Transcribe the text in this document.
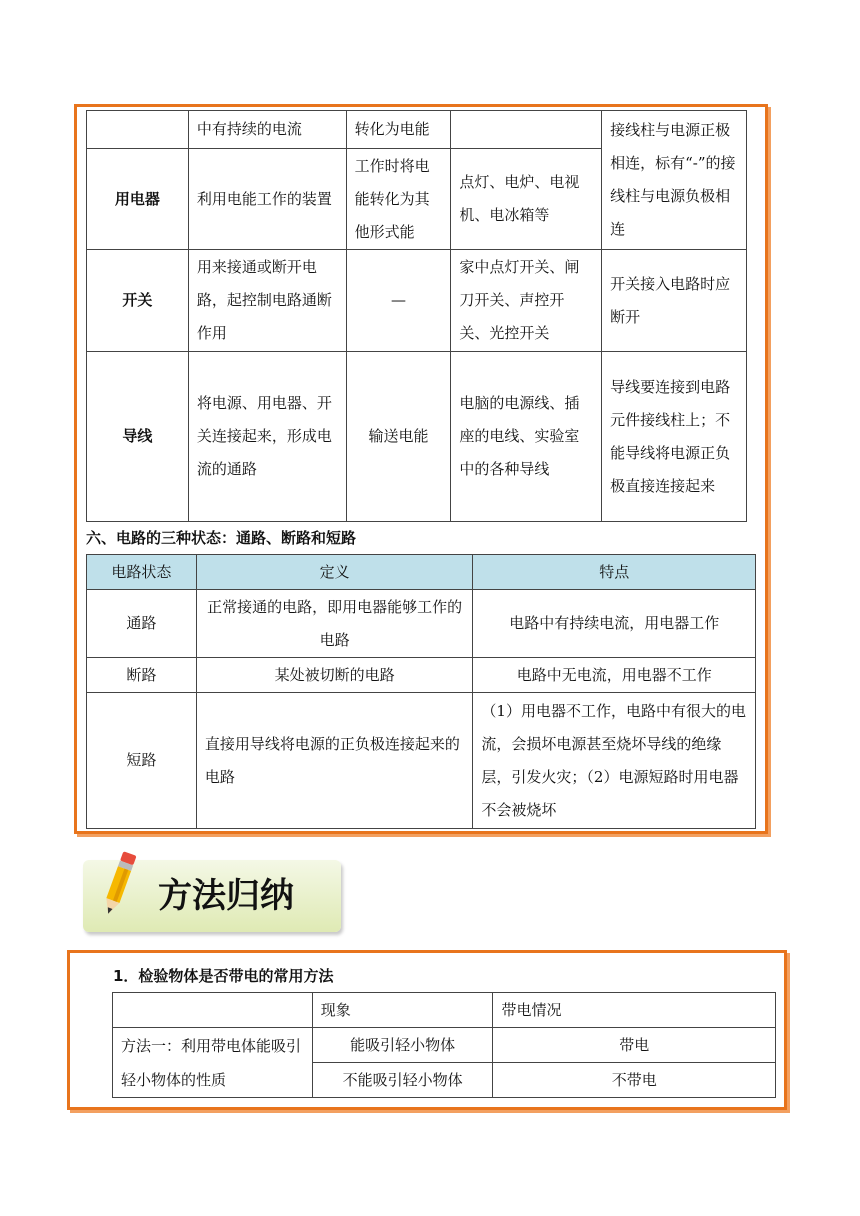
	中有持续的电流	转化为电能		接线柱与电源正极相连，标有“-”的接线柱与电源负极相连
用电器	利用电能工作的装置	工作时将电能转化为其他形式能	点灯、电炉、电视机、电冰箱等	
开关	用来接通或断开电路，起控制电路通断作用	—	家中点灯开关、闸刀开关、声控开关、光控开关	开关接入电路时应断开
导线	将电源、用电器、开关连接起来，形成电流的通路	输送电能	电脑的电源线、插座的电线、实验室中的各种导线	导线要连接到电路元件接线柱上；不能导线将电源正负极直接连接起来
六、电路的三种状态：通路、断路和短路
电路状态	定义	特点
通路	正常接通的电路，即用电器能够工作的电路	电路中有持续电流，用电器工作
断路	某处被切断的电路	电路中无电流，用电器不工作
短路	直接用导线将电源的正负极连接起来的电路	（1）用电器不工作，电路中有很大的电流，会损坏电源甚至烧坏导线的绝缘层，引发火灾；（2）电源短路时用电器不会被烧坏
方法归纳
1．检验物体是否带电的常用方法
	现象	带电情况
方法一：利用带电体能吸引轻小物体的性质	能吸引轻小物体	带电
	不能吸引轻小物体	不带电
